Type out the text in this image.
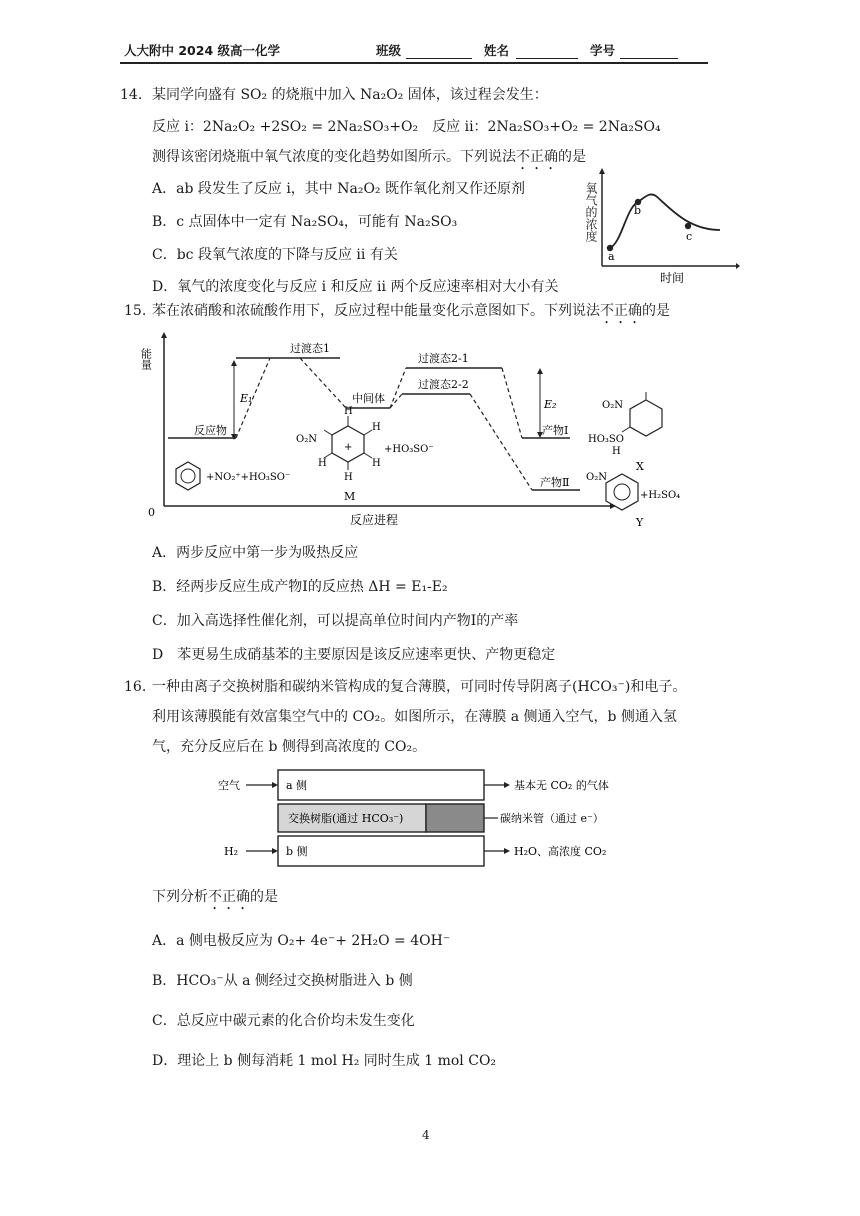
人大附中 2024 级高一化学	班级	姓名	学号
14. 某同学向盛有 SO₂ 的烧瓶中加入 Na₂O₂ 固体，该过程会发生：
反应 i：2Na₂O₂ +2SO₂ = 2Na₂SO₃+O₂　反应 ii：2Na₂SO₃+O₂ = 2Na₂SO₄
测得该密闭烧瓶中氧气浓度的变化趋势如图所示。下列说法不正确的是
A．ab 段发生了反应 i，其中 Na₂O₂ 既作氧化剂又作还原剂
B．c 点固体中一定有 Na₂SO₄，可能有 Na₂SO₃
C．bc 段氧气浓度的下降与反应 ii 有关
D．氧气的浓度变化与反应 i 和反应 ii 两个反应速率相对大小有关
a
b
c
时间
氧气的浓度
15. 苯在浓硝酸和浓硫酸作用下，反应过程中能量变化示意图如下。下列说法不正确的是
0
能量
反应进程
E₁	E₂
反应物
过渡态1
中间体
过渡态2-1
过渡态2-2
产物Ⅰ
产物Ⅱ
+NO₂⁺+HO₃SO⁻
H
H
H
H
H
+
O₂N
M
+HO₃SO⁻
O₂N
HO₃SO
H
X
O₂N
+H₂SO₄
Y
A．两步反应中第一步为吸热反应
B．经两步反应生成产物Ⅰ的反应热 ΔH = E₁-E₂
C．加入高选择性催化剂，可以提高单位时间内产物Ⅰ的产率
D　苯更易生成硝基苯的主要原因是该反应速率更快、产物更稳定
16. 一种由离子交换树脂和碳纳米管构成的复合薄膜，可同时传导阴离子(HCO₃⁻)和电子。
利用该薄膜能有效富集空气中的 CO₂。如图所示，在薄膜 a 侧通入空气，b 侧通入氢
气，充分反应后在 b 侧得到高浓度的 CO₂。
空气
H₂
a 侧
交换树脂(通过 HCO₃⁻)
b 侧
基本无 CO₂ 的气体
碳纳米管（通过 e⁻）
H₂O、高浓度 CO₂
下列分析不正确的是
A．a 侧电极反应为 O₂+ 4e⁻+ 2H₂O = 4OH⁻
B．HCO₃⁻从 a 侧经过交换树脂进入 b 侧
C．总反应中碳元素的化合价均未发生变化
D．理论上 b 侧每消耗 1 mol H₂ 同时生成 1 mol CO₂
4
